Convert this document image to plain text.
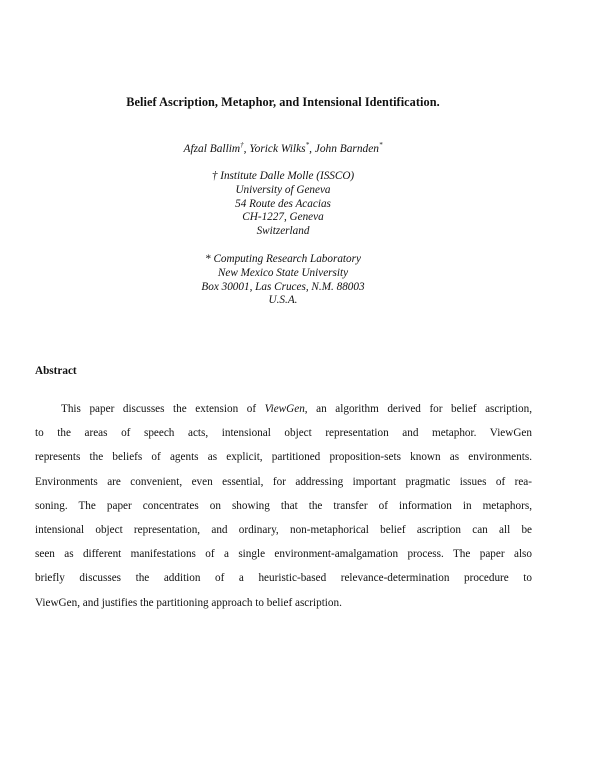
Belief Ascription, Metaphor, and Intensional Identification.
Afzal Ballim†, Yorick Wilks*, John Barnden*
† Institute Dalle Molle (ISSCO)
University of Geneva
54 Route des Acacias
CH-1227, Geneva
Switzerland
* Computing Research Laboratory
New Mexico State University
Box 30001, Las Cruces, N.M. 88003
U.S.A.
Abstract
This paper discusses the extension of ViewGen, an algorithm derived for belief ascription,
to the areas of speech acts, intensional object representation and metaphor. ViewGen
represents the beliefs of agents as explicit, partitioned proposition-sets known as environments.
Environments are convenient, even essential, for addressing important pragmatic issues of rea-
soning. The paper concentrates on showing that the transfer of information in metaphors,
intensional object representation, and ordinary, non-metaphorical belief ascription can all be
seen as different manifestations of a single environment-amalgamation process. The paper also
briefly discusses the addition of a heuristic-based relevance-determination procedure to
ViewGen, and justifies the partitioning approach to belief ascription.
